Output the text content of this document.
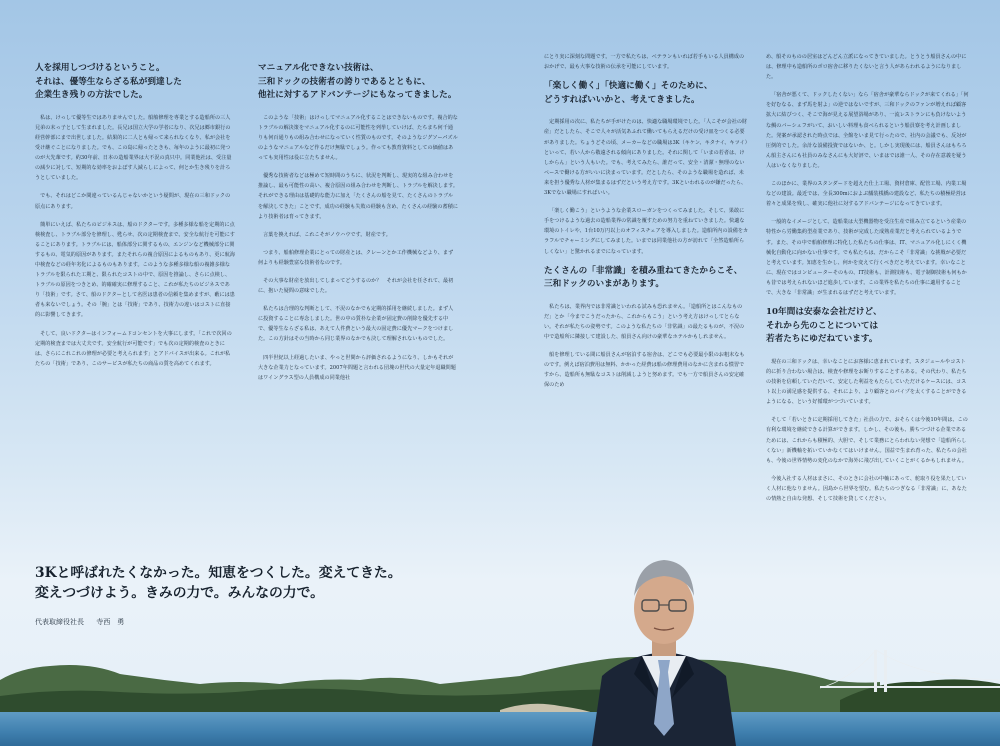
人を採用しつづけるということ。
それは、優等生ならざる私が到達した
企業生き残りの方法でした。

私は、けっして優等生ではありませんでした。船舶修理を専業とする造船所の三人兄弟の末っ子として生まれました。長兄は国立大学の学者になり、次兄は郷市銀行の経営幹部にまで出世しました。結果的に二人とも帰って来られなくなり、私が会社を受け継ぐことになりました。でも、この島に帰ったときも、毎年のように最初に発つのが大先輩です。約30年前、日本の造船業界は大不況の真只中。同業他社は、受注量の減少に対して、短期的な効率をおよぼす人減らしによって、何とか生き残りを計ろうとしていました。

でも、それはどこか間違っているんじゃないかという疑問が、現在の三和ドックの原点にあります。

簡単にいえば、私たちのビジネスは、船のドクターです。多種多様な船を定期的に点検検査し、トラブル部分を修理し、甦らせ、次の定期検査まで、安全な航行を可能にすることにあります。トラブルには、船体部分に関するもの、エンジンなど機械部分に関するもの、電気的原因があります。またそれらの複合原因によるものもあり、更に航海中検査などの経年劣化によるものもあります。このような多種多様な船の複雑多様なトラブルを限られた工期と、限られたコストの中で、原因を推論し、さらに点検し、トラブルの原因をつきとめ、的確確実に修理すること、これが私たちのビジネスであり「技術」です。さて、船のドクターとして名医は患者の信頼を集めますが、藪には患者も来ないでしょう。その「腕」とは「技術」であり、技術力の違いはコストに直接的に影響してきます。

そして、良いドクターはインフォームドコンセントを大事にします。「これで次回の定期的検査までは大丈夫です。安全航行が可能です」でも次の定期的検査のときには、さらにこれこれの修理が必要と考えられます」とアドバイスが出来る。これが私たちの「技術」であり、このサービスが私たちの商品の質を高めてくれます。

マニュアル化できない技術は、
三和ドックの技術者の誇りであるとともに、
他社に対するアドバンテージにもなってきました。

このような「技術」はけっしてマニュアル化することはできないものです。複合的なトラブルの解決策をマニュアル化するのに可能性を列挙していけば、たちまち何千通りも何百通りもの組み合わせになっていく性質のものです。そのようなジグソーパズルのようなマニュアルなど作るだけ無駄でしょう。作っても教育資料としての価値はあっても実用性は役に立たちません。

優秀な技術者などは極めて短時間のうちに、状況を判断し、現実的な組み合わせを推論し、最も可能性の高い、複合原因の組み合わせを判断し、トラブルを解決します。それができる理由は基礎的な能力に加え「たくさんの船を見て、たくさんのトラブルを解決してきた」ことです。成功の経験も失敗の経験も含め、たくさんの経験の蓄積により技術者は育ってきます。

言葉を換えれば、これこそがノウハウです。財産です。

つまり、船舶修理企業にとっての財産とは、クレーンとか工作機械などより、まず何よりも経験豊富な技術者なのです。

その大事な財産を放出してしまってどうするのか？　それが会社を任されて、最初に、抱いた疑問の意味でした。

私たちは合理的な判断として、不況のなかでも定期的採用を継続しました。まず人に投資することに専念しました。世の中の質朴な企業が固定費の削除を優先する中で、優等生ならざる私は、あえて人件費という最大の固定費に優先マークをつけました。この方針はその当時から同じ業界のなかでも決して理解されないものでした。

四半世紀以上経過したいま、やっと世間から評価されるようになり、しかもそれが大きな企業力となっています。2007年問題と言われる団塊の世代の大量定年退職問題はワイングラス型の人員構成の同業他社

にとり実に深刻な問題です。一方で私たちは、ベテランもいれば若手もいる人員構成のおかげで、最も大事な技術の伝承を可能にしています。

「楽しく働く」「快適に働く」そのために、
どうすればいいかと、考えてきました。

定期採用の次に、私たちが手がけたのは、快適な職場環境でした。「人こそが会社の財産」だとしたら、そこで人々が活気あふれて働いてもらえるだけの受け皿をつくる必要がありました。ちょうどその頃、メーカーなどの職場は3K（キケン、キタナイ、キツイ）といって、若い人から敬遠される傾向にありました。それに関して「いまの若者は、けしからん」という人もいた。でも、考えてみたら、誰だって、安全・清潔・無理のないペースで働ける方がいいに決まっています。だとしたら、そのような職場を造れば、未来を担う優秀な人材が集まるはずだという考え方です。3Kといわれるのが嫌だったら、3Kでない職場にすればいい。

「楽しく働こう」というような企業スローガンをつくってみました。そして、果敢に手をつけるような過去の造船業界の常識を覆すための努力を重ねていきました。快適な環境のトイレや、1台10万円以上のオフィスチェアを導入しました。造船所内の設備をカラフルでチャーミングにしてみました。いまでは同業他社の方が訪れて「全然造船所らしくない」と驚かれるまでになっています。

たくさんの「非常識」を積み重ねてきたからこそ、
三和ドックのいまがあります。

私たちは、業界内では非常識といわれる試みも恐れません。「造船所とはこんなものだ」とか「今までこうだったから、これからもこう」という考え方はけっしてとらない。それが私たちの姿勢です。このような私たちの「非常識」の最たるものが、不況の中で造船所に隣接して建設した、船員さん向けの豪華なホテルかもしれません。

船を修理している間に船員さんが宿泊する宿舎は、どこでも必要最小限のお粗末なものです。例えば宿泊費用は無料、かかった経費は船の修理費用のなかに含まれる慣習ですから、造船所も無駄なコストは削減しようと努めます。でも一方で船員さんの安定確保のため

め、船そのものの居室はどんどん立派になってきていました。とうとう船員さんの中には、修理中も造船所のボロ宿舎に移りたくないと言う人があらわれるようになりました。

「宿舎が悪くて、ドックしたくない」なら「宿舎が豪華ならドックが来てくれる」「何を好むなる、まず馬を射よ」の逆ではないですが、三和ドックのファンが増えれば顧客拡大に結びつく、そこで海が見える展望浴場があり、一流レストランにも負けないような鯛のバーシュフがいて、おいしい料理も食べられるという船員寮を考え計画しました。発案が承認された時点では、全館をいま見て行ったので、社内の会議でも、反対が圧倒的でした。余計な設備投資ではないか、と。しかし実現後には、船員さんはもちろん船主さんにも社員のみなさんにも大好評で、いまはでは誰一人、その存在意義を疑う人はいなくなりました。

このほかに、業界のスタンダードを超えた仕上工場、資材倉庫、配管工場、内業工場などの建設。最近では、全長300mにおよぶ艤装桟橋の建設など、私たちの積極経営は着々と成果を残し、確実に他社に対するアドバンテージになってきています。

一般的なイメージとして、造船業は大型機器物を受注生産で組み立てるという産業の特性から労働集約型産業であり、技術が完成した成熟産業だと考えられているようです。また、その中で船舶修理に特化した私たちの仕事は、IT、マニュアル化しにくく機械化自動化に向かない仕事です。でも私たちは、だからこそ「非常識」な挑戦が必要だと考えています。知恵を生かし、何かを変えて行くべきだと考えています。幸いなことに、現在ではコンピューターそのもの、IT技術も、計測技術も、電子制御技術も何もかも昔では考えられないほど進歩しています。この業界を私たちの仕事に適用することで、大きな「非常識」が生まれるはずだと考えています。

10年間は安泰な会社だけど、
それから先のことについては
若者たちにゆだねています。

現在の三和ドックは、幸いなことにお客様に恵まれています。スタジュールやコスト的に折り合わない場合は、検査や修理をお断りすることすらある。その代わり、私たちの技術を信頼していただいて、安定した利益をもたらしていただけるケースには、コスト以上の満足感を提供する、それにより、より顧客とのパイプを太くすることができるようになる、という好循環がつづいています。

そして「若いときに定期採用してきた」社員の力で、おそらくは今後10年間は、この有利な環境を継続できる計算ができます。しかし、その後も、勝ちつづける企業であるためには、これからも積極的、大胆で、そして業務にとらわれない発想で「造船所らしくない」新機軸を拓いていかなくてはいけません。国益で生まれ育った、私たちの会社も、今後の世界情勢の変化のなかで海外に飛び出していくことがくるかもしれません。

今後入社する人材はまさに、そのときに会社の中軸にあって、舵取り役を果たしていく人材に他なりません。因島から世界を望む。私たちのつぎなる「非常識」に、あなたの情熱と自由な発想、そして技術を貸してください。

3Kと呼ばれたくなかった。知恵をつくした。変えてきた。
変えつづけよう。きみの力で。みんなの力で。
代表取締役社長 寺西　勇
